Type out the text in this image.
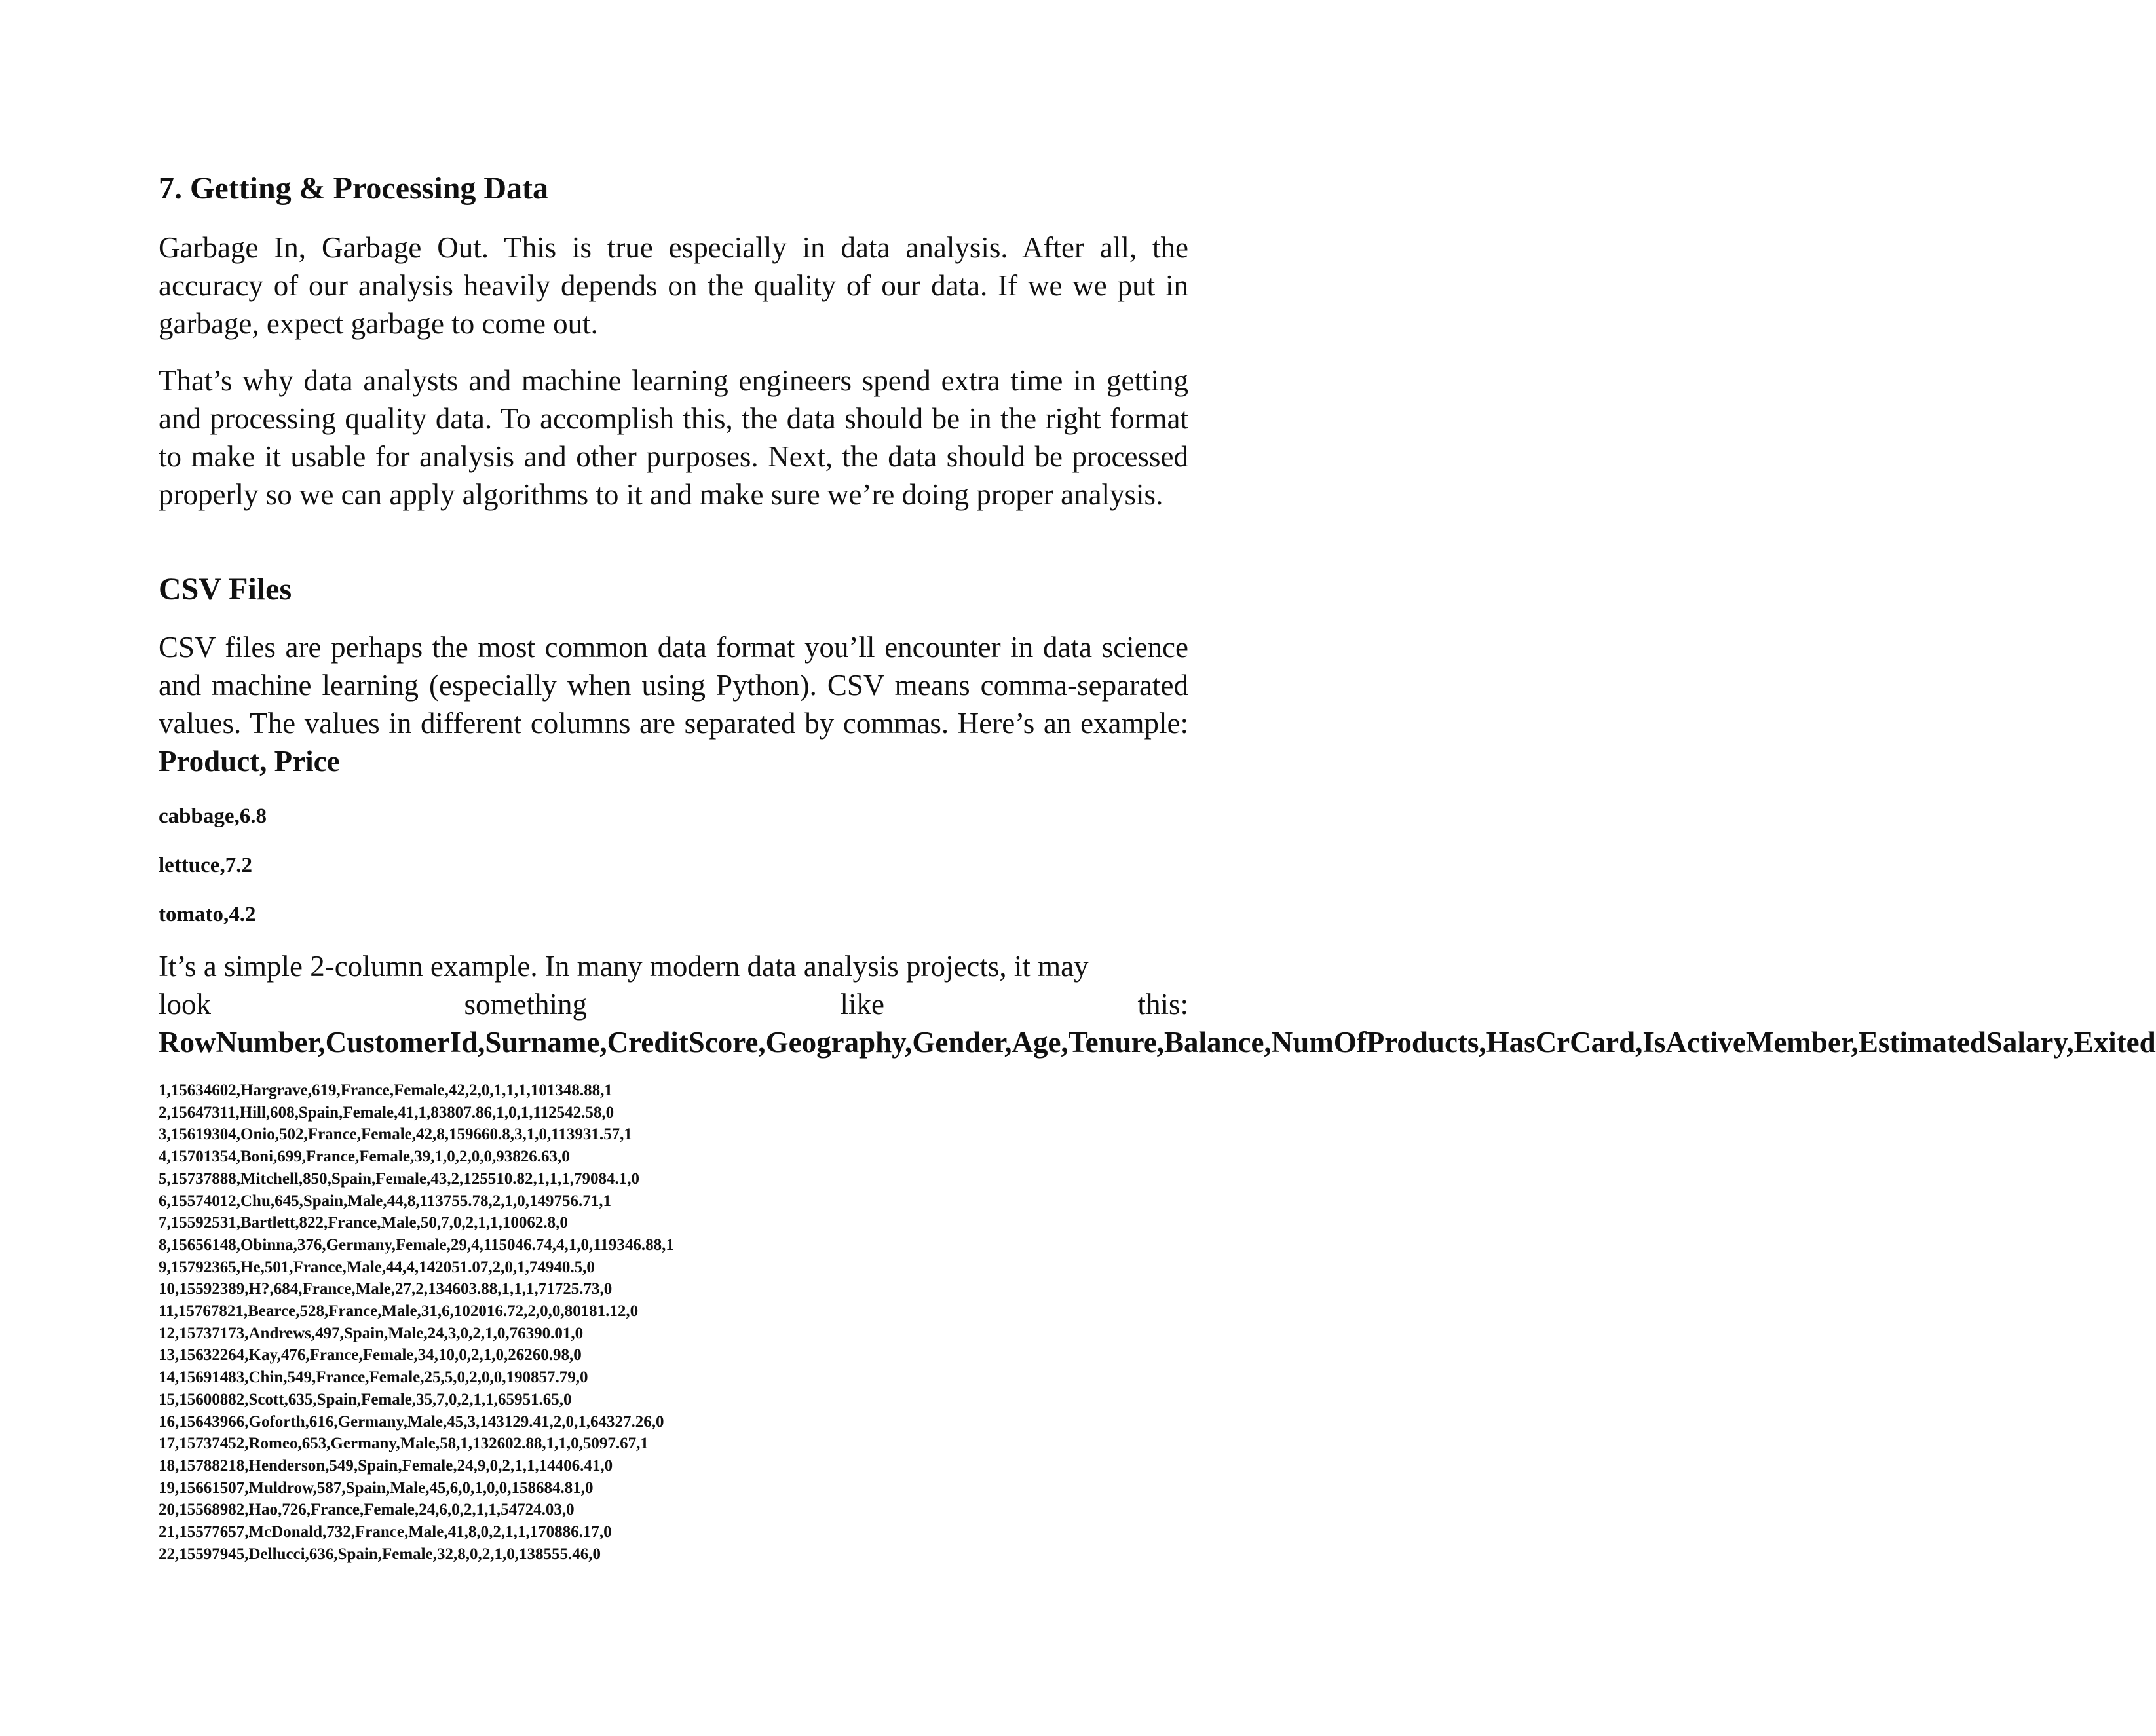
7. Getting & Processing Data

Garbage In, Garbage Out. This is true especially in data analysis. After all, the accuracy of our analysis heavily depends on the quality of our data. If we we put in garbage, expect garbage to come out.

That’s why data analysts and machine learning engineers spend extra time in getting and processing quality data. To accomplish this, the data should be in the right format to make it usable for analysis and other purposes. Next, the data should be processed properly so we can apply algorithms to it and make sure we’re doing proper analysis.

CSV Files

CSV files are perhaps the most common data format you’ll encounter in data science and machine learning (especially when using Python). CSV means comma-separated values. The values in different columns are separated by commas. Here’s an example: Product, Price

cabbage,6.8

lettuce,7.2

tomato,4.2

It’s a simple 2-column example. In many modern data analysis projects, it may
look something like this:
RowNumber,CustomerId,Surname,CreditScore,Geography,Gender,Age,Tenure,Balance,NumOfProducts,HasCrCard,IsActiveMember,EstimatedSalary,Exited

1,15634602,Hargrave,619,France,Female,42,2,0,1,1,1,101348.88,1
2,15647311,Hill,608,Spain,Female,41,1,83807.86,1,0,1,112542.58,0
3,15619304,Onio,502,France,Female,42,8,159660.8,3,1,0,113931.57,1
4,15701354,Boni,699,France,Female,39,1,0,2,0,0,93826.63,0
5,15737888,Mitchell,850,Spain,Female,43,2,125510.82,1,1,1,79084.1,0
6,15574012,Chu,645,Spain,Male,44,8,113755.78,2,1,0,149756.71,1
7,15592531,Bartlett,822,France,Male,50,7,0,2,1,1,10062.8,0
8,15656148,Obinna,376,Germany,Female,29,4,115046.74,4,1,0,119346.88,1
9,15792365,He,501,France,Male,44,4,142051.07,2,0,1,74940.5,0
10,15592389,H?,684,France,Male,27,2,134603.88,1,1,1,71725.73,0
11,15767821,Bearce,528,France,Male,31,6,102016.72,2,0,0,80181.12,0
12,15737173,Andrews,497,Spain,Male,24,3,0,2,1,0,76390.01,0
13,15632264,Kay,476,France,Female,34,10,0,2,1,0,26260.98,0
14,15691483,Chin,549,France,Female,25,5,0,2,0,0,190857.79,0
15,15600882,Scott,635,Spain,Female,35,7,0,2,1,1,65951.65,0
16,15643966,Goforth,616,Germany,Male,45,3,143129.41,2,0,1,64327.26,0
17,15737452,Romeo,653,Germany,Male,58,1,132602.88,1,1,0,5097.67,1
18,15788218,Henderson,549,Spain,Female,24,9,0,2,1,1,14406.41,0
19,15661507,Muldrow,587,Spain,Male,45,6,0,1,0,0,158684.81,0
20,15568982,Hao,726,France,Female,24,6,0,2,1,1,54724.03,0
21,15577657,McDonald,732,France,Male,41,8,0,2,1,1,170886.17,0
22,15597945,Dellucci,636,Spain,Female,32,8,0,2,1,0,138555.46,0
